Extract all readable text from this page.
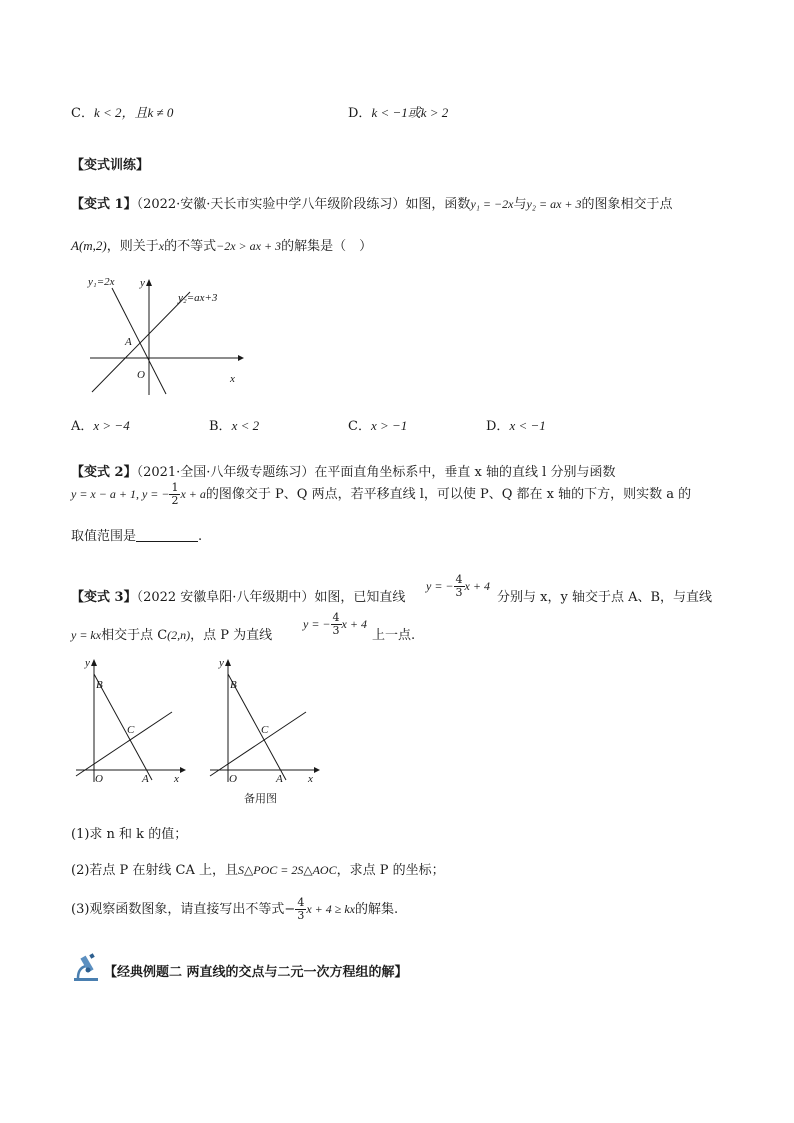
C．k < 2，且k ≠ 0	D．k < −1或k > 2
【变式训练】
【变式 1】（2022·安徽·天长市实验中学八年级阶段练习）如图，函数y₁ = −2x与y₂ = ax + 3的图象相交于点
A(m,2)，则关于x的不等式−2x > ax + 3的解集是（　）
y₁=2x
y₂=ax+3
A
O	x
y
A．x > −4	B．x < 2	C．x > −1	D．x < −1
【变式 2】（2021·全国·八年级专题练习）在平面直角坐标系中，垂直 x 轴的直线 l 分别与函数
y = x − a + 1, y = − $\frac{1}{2}$ x + a的图像交于 P、Q 两点，若平移直线 l，可以使 P、Q 都在 x 轴的下方，则实数 a 的
取值范围是	.
【变式 3】（2022 安徽阜阳·八年级期中）如图，已知直线
y = − $\frac{4}{3}$ x + 4
分别与 x，y 轴交于点 A、B，与直线
y = kx相交于点 C(2,n)，点 P 为直线
y = − $\frac{4}{3}$ x + 4
上一点.
B
C
O	A x
y
B
C
O	A x
y
备用图
(1)求 n 和 k 的值；
(2)若点 P 在射线 CA 上，且S△POC = 2S△AOC，求点 P 的坐标；
(3)观察函数图象，请直接写出不等式− $\frac{4}{3}$ x + 4 ≥ kx的解集.
【经典例题二 两直线的交点与二元一次方程组的解】
